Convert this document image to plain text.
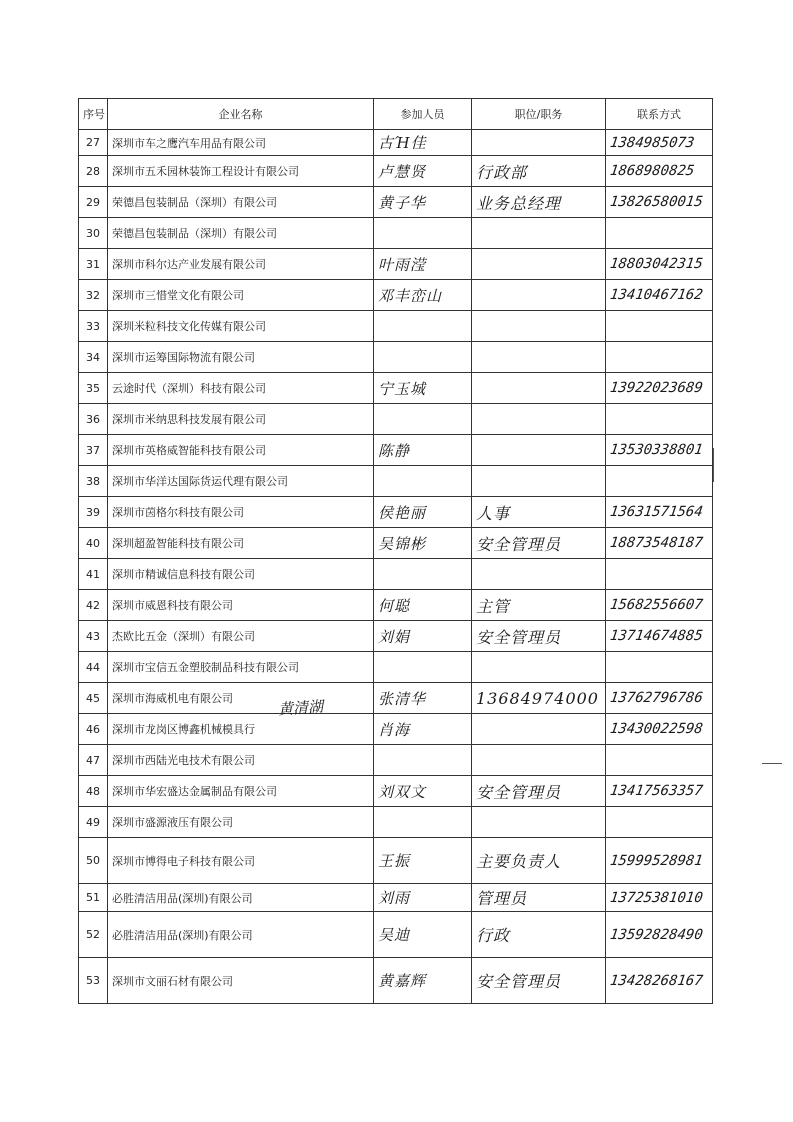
序号	企业名称	参加人员	职位/职务	联系方式
27	深圳市车之鹰汽车用品有限公司	古Ή佳		1384985073
28	深圳市五禾园林装饰工程设计有限公司	卢慧贤	行政部	1868980825
29	荣德昌包装制品（深圳）有限公司	黄子华	业务总经理	13826580015
30	荣德昌包装制品（深圳）有限公司			
31	深圳市科尔达产业发展有限公司	叶雨滢		18803042315
32	深圳市三惜堂文化有限公司	邓丰峦山		13410467162
33	深圳米粒科技文化传媒有限公司			
34	深圳市运筹国际物流有限公司			
35	云途时代（深圳）科技有限公司	宁玉城		13922023689
36	深圳市米纳思科技发展有限公司			
37	深圳市英格威智能科技有限公司	陈静		13530338801
38	深圳市华洋达国际货运代理有限公司			
39	深圳市茵格尔科技有限公司	侯艳丽	人事	13631571564
40	深圳超盈智能科技有限公司	吴锦彬	安全管理员	18873548187
41	深圳市精诚信息科技有限公司			
42	深圳市威恩科技有限公司	何聪	主管	15682556607
43	杰欧比五金（深圳）有限公司	刘娟	安全管理员	13714674885
44	深圳市宝信五金塑胶制品科技有限公司			
45	深圳市海威机电有限公司	张清华	13684974000	13762796786
46	深圳市龙岗区博鑫机械模具行	肖海		13430022598
47	深圳市西陆光电技术有限公司			
48	深圳市华宏盛达金属制品有限公司	刘双文	安全管理员	13417563357
49	深圳市盛源液压有限公司			
50	深圳市博得电子科技有限公司	王振	主要负责人	15999528981
51	必胜清洁用品(深圳)有限公司	刘雨	管理员	13725381010
52	必胜清洁用品(深圳)有限公司	吴迪	行政	13592828490
53	深圳市文丽石材有限公司	黄嘉辉	安全管理员	13428268167
黄清湖
